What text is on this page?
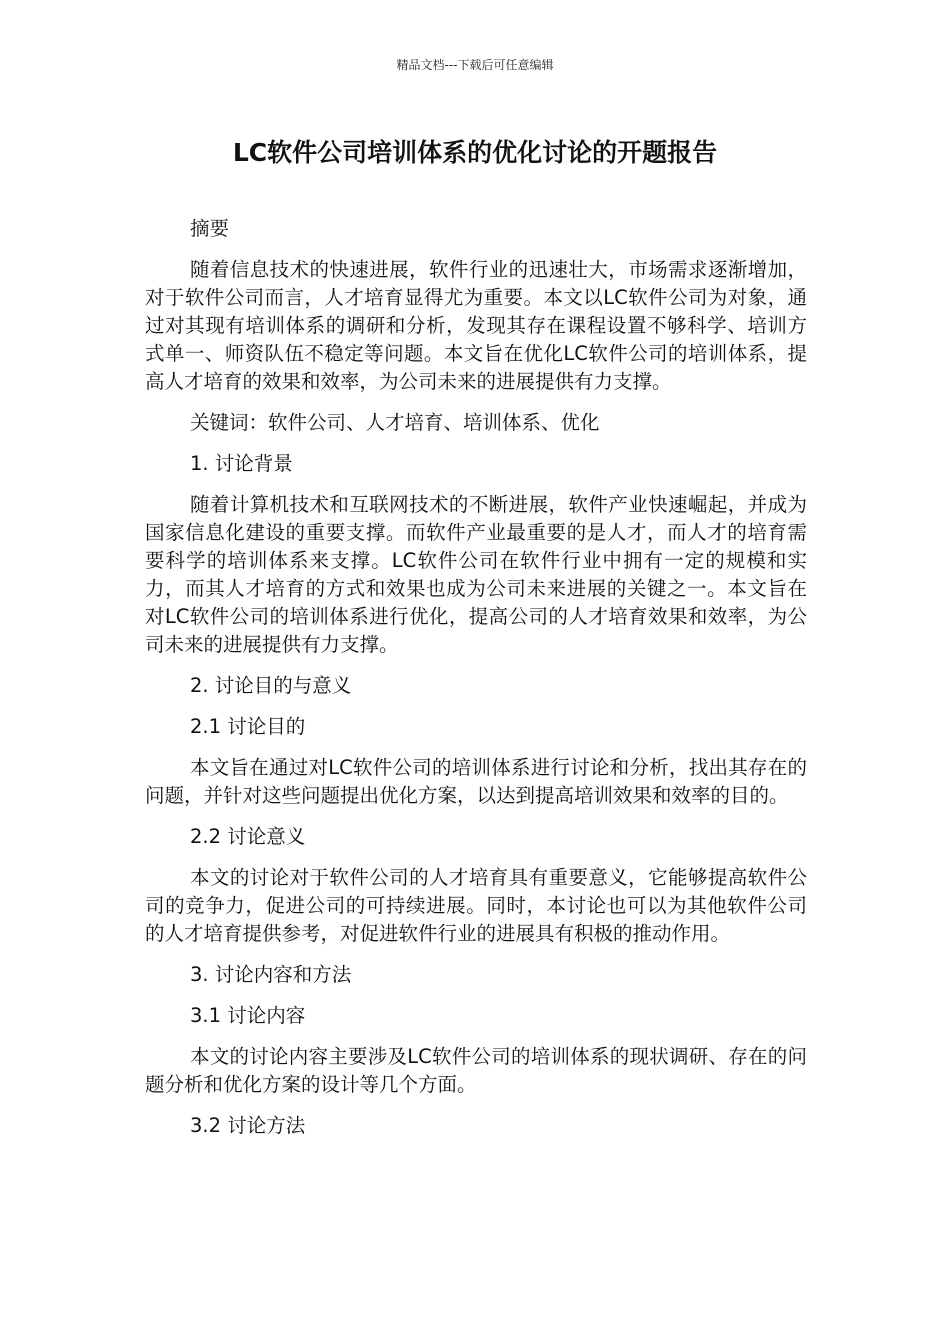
精品文档---下载后可任意编辑
LC软件公司培训体系的优化讨论的开题报告

摘要

随着信息技术的快速进展，软件行业的迅速壮大，市场需求逐渐增加，对于软件公司而言，人才培育显得尤为重要。本文以LC软件公司为对象，通过对其现有培训体系的调研和分析，发现其存在课程设置不够科学、培训方式单一、师资队伍不稳定等问题。本文旨在优化LC软件公司的培训体系，提高人才培育的效果和效率，为公司未来的进展提供有力支撑。

关键词：软件公司、人才培育、培训体系、优化

1. 讨论背景

随着计算机技术和互联网技术的不断进展，软件产业快速崛起，并成为国家信息化建设的重要支撑。而软件产业最重要的是人才，而人才的培育需要科学的培训体系来支撑。LC软件公司在软件行业中拥有一定的规模和实力，而其人才培育的方式和效果也成为公司未来进展的关键之一。本文旨在对LC软件公司的培训体系进行优化，提高公司的人才培育效果和效率，为公司未来的进展提供有力支撑。

2. 讨论目的与意义

2.1 讨论目的

本文旨在通过对LC软件公司的培训体系进行讨论和分析，找出其存在的问题，并针对这些问题提出优化方案，以达到提高培训效果和效率的目的。

2.2 讨论意义

本文的讨论对于软件公司的人才培育具有重要意义，它能够提高软件公司的竞争力，促进公司的可持续进展。同时，本讨论也可以为其他软件公司的人才培育提供参考，对促进软件行业的进展具有积极的推动作用。

3. 讨论内容和方法

3.1 讨论内容

本文的讨论内容主要涉及LC软件公司的培训体系的现状调研、存在的问题分析和优化方案的设计等几个方面。

3.2 讨论方法
